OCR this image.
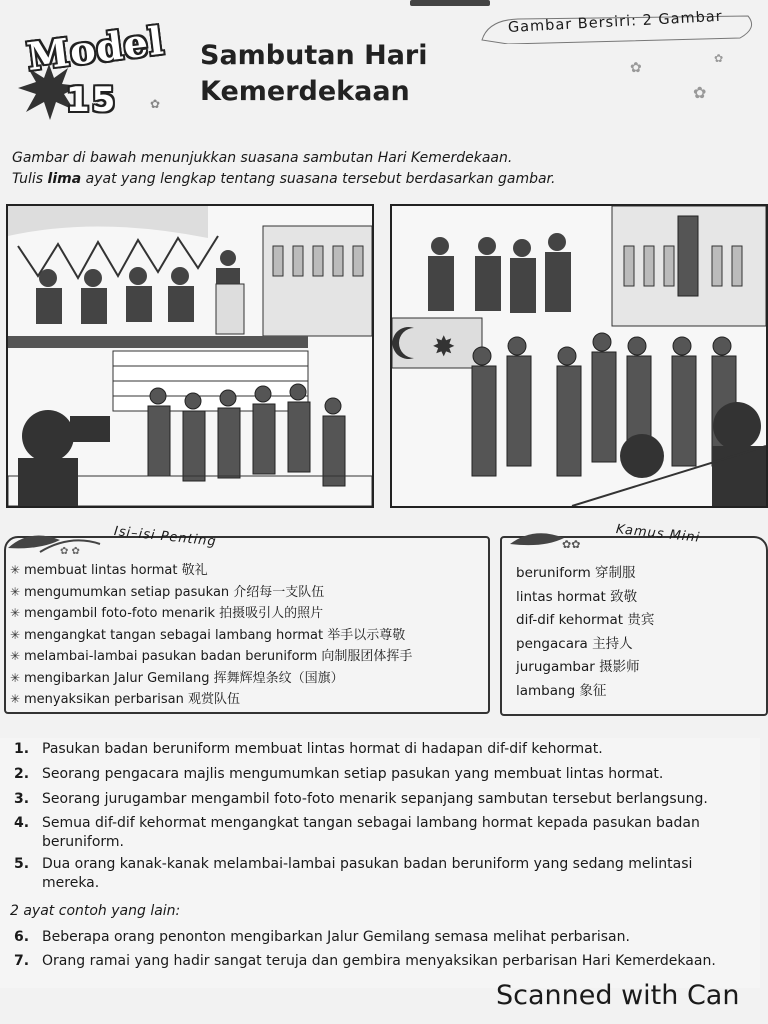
Gambar Bersiri: 2 Gambar
✿
✿
✿
Model
15	✿
Sambutan Hari
Kemerdekaan
Gambar di bawah menunjukkan suasana sambutan Hari Kemerdekaan.
Tulis lima ayat yang lengkap tentang suasana tersebut berdasarkan gambar.
✸
✿ ✿
Isi–isi Penting
✳ membuat lintas hormat 敬礼
✳ mengumumkan setiap pasukan 介绍每一支队伍
✳ mengambil foto-foto menarik 拍摄吸引人的照片
✳ mengangkat tangan sebagai lambang hormat 举手以示尊敬
✳ melambai-lambai pasukan badan beruniform 向制服团体挥手
✳ mengibarkan Jalur Gemilang 挥舞辉煌条纹（国旗）
✳ menyaksikan perbarisan 观赏队伍
✿✿	Kamus Mini
beruniform 穿制服
lintas hormat 致敬
dif-dif kehormat 贵宾
pengacara 主持人
jurugambar 摄影师
lambang 象征
1. Pasukan badan beruniform membuat lintas hormat di hadapan dif-dif kehormat.
2. Seorang pengacara majlis mengumumkan setiap pasukan yang membuat lintas hormat.
3. Seorang jurugambar mengambil foto-foto menarik sepanjang sambutan tersebut berlangsung.
4. Semua dif-dif kehormat mengangkat tangan sebagai lambang hormat kepada pasukan badan beruniform.
5. Dua orang kanak-kanak melambai-lambai pasukan badan beruniform yang sedang melintasi mereka.
2 ayat contoh yang lain:
6. Beberapa orang penonton mengibarkan Jalur Gemilang semasa melihat perbarisan.
7. Orang ramai yang hadir sangat teruja dan gembira menyaksikan perbarisan Hari Kemerdekaan.
Scanned with Can
